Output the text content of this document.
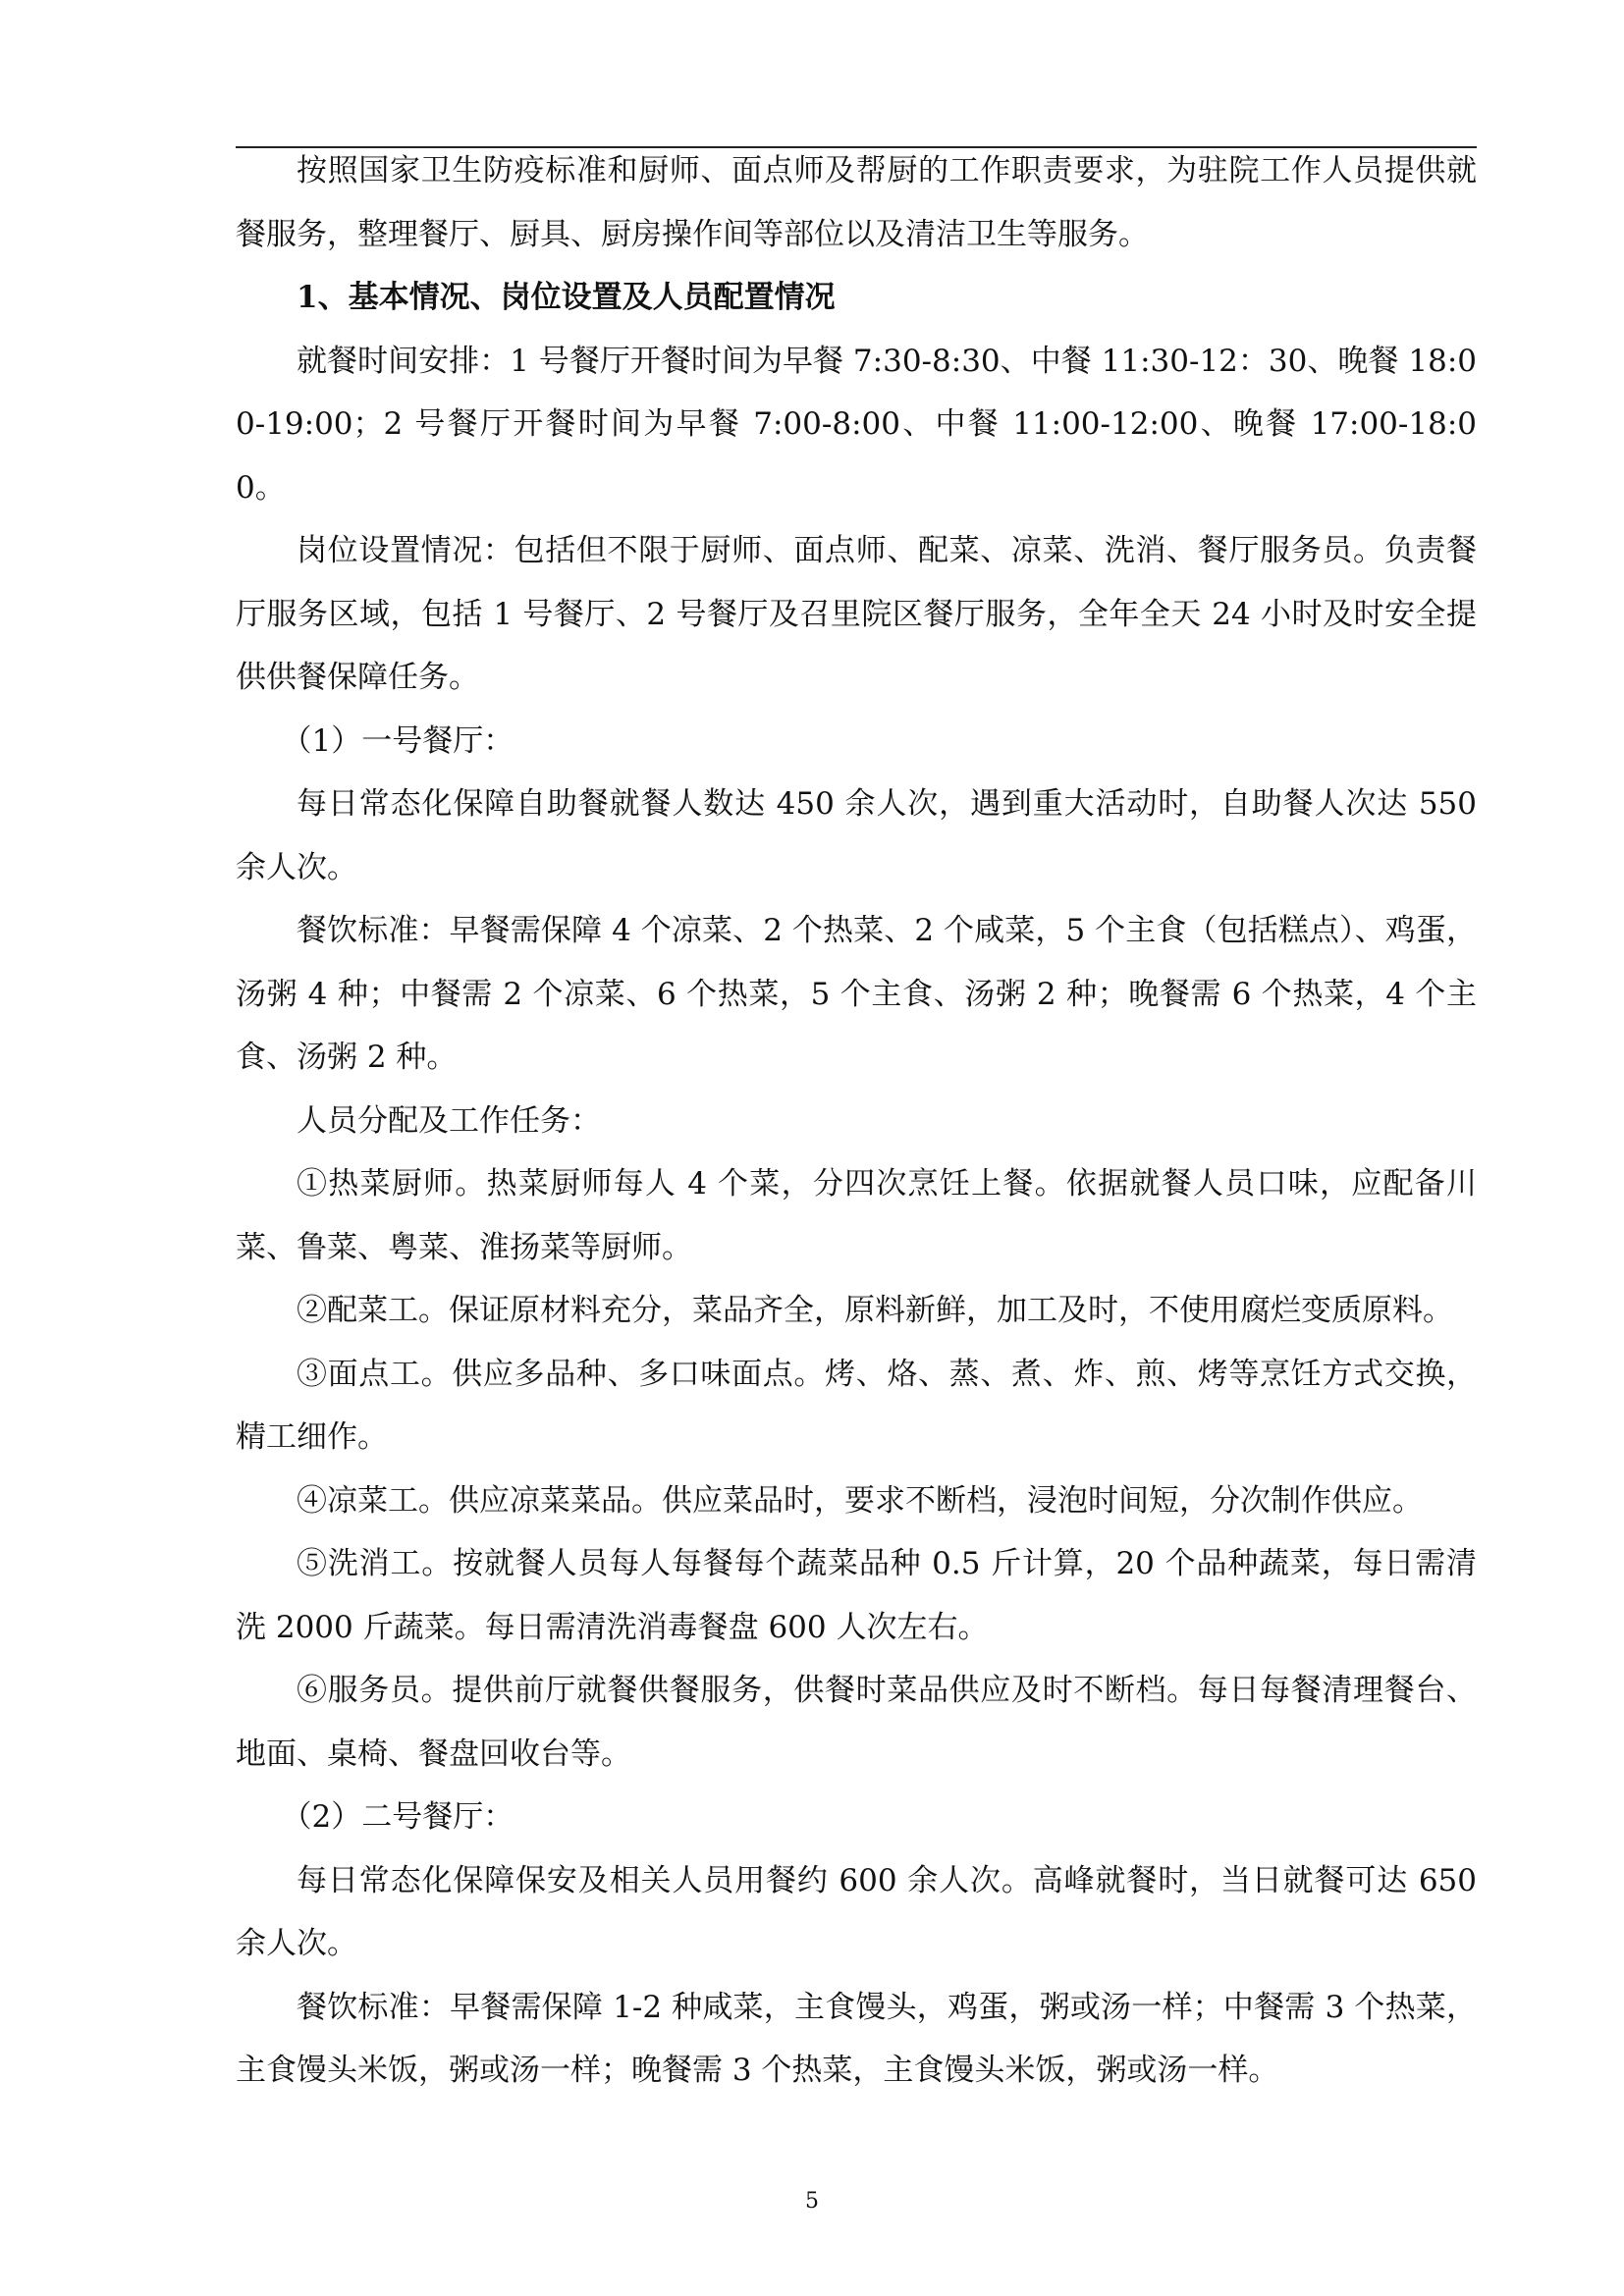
按照国家卫生防疫标准和厨师、面点师及帮厨的工作职责要求，为驻院工作人员提供就餐服务，整理餐厅、厨具、厨房操作间等部位以及清洁卫生等服务。

1、基本情况、岗位设置及人员配置情况

就餐时间安排：1 号餐厅开餐时间为早餐 7:30-8:30、中餐 11:30-12：30、晚餐 18:00-19:00；2 号餐厅开餐时间为早餐 7:00-8:00、中餐 11:00-12:00、晚餐 17:00-18:00。

岗位设置情况：包括但不限于厨师、面点师、配菜、凉菜、洗消、餐厅服务员。负责餐厅服务区域，包括 1 号餐厅、2 号餐厅及召里院区餐厅服务，全年全天 24 小时及时安全提供供餐保障任务。

（1）一号餐厅：

每日常态化保障自助餐就餐人数达 450 余人次，遇到重大活动时，自助餐人次达 550 余人次。

餐饮标准：早餐需保障 4 个凉菜、2 个热菜、2 个咸菜，5 个主食（包括糕点）、鸡蛋，汤粥 4 种；中餐需 2 个凉菜、6 个热菜，5 个主食、汤粥 2 种；晚餐需 6 个热菜，4 个主食、汤粥 2 种。

人员分配及工作任务：

①热菜厨师。热菜厨师每人 4 个菜，分四次烹饪上餐。依据就餐人员口味，应配备川菜、鲁菜、粤菜、淮扬菜等厨师。

②配菜工。保证原材料充分，菜品齐全，原料新鲜，加工及时，不使用腐烂变质原料。

③面点工。供应多品种、多口味面点。烤、烙、蒸、煮、炸、煎、烤等烹饪方式交换，精工细作。

④凉菜工。供应凉菜菜品。供应菜品时，要求不断档，浸泡时间短，分次制作供应。

⑤洗消工。按就餐人员每人每餐每个蔬菜品种 0.5 斤计算，20 个品种蔬菜，每日需清洗 2000 斤蔬菜。每日需清洗消毒餐盘 600 人次左右。

⑥服务员。提供前厅就餐供餐服务，供餐时菜品供应及时不断档。每日每餐清理餐台、地面、桌椅、餐盘回收台等。

（2）二号餐厅：

每日常态化保障保安及相关人员用餐约 600 余人次。高峰就餐时，当日就餐可达 650 余人次。

餐饮标准：早餐需保障 1-2 种咸菜，主食馒头，鸡蛋，粥或汤一样；中餐需 3 个热菜，主食馒头米饭，粥或汤一样；晚餐需 3 个热菜，主食馒头米饭，粥或汤一样。

5
